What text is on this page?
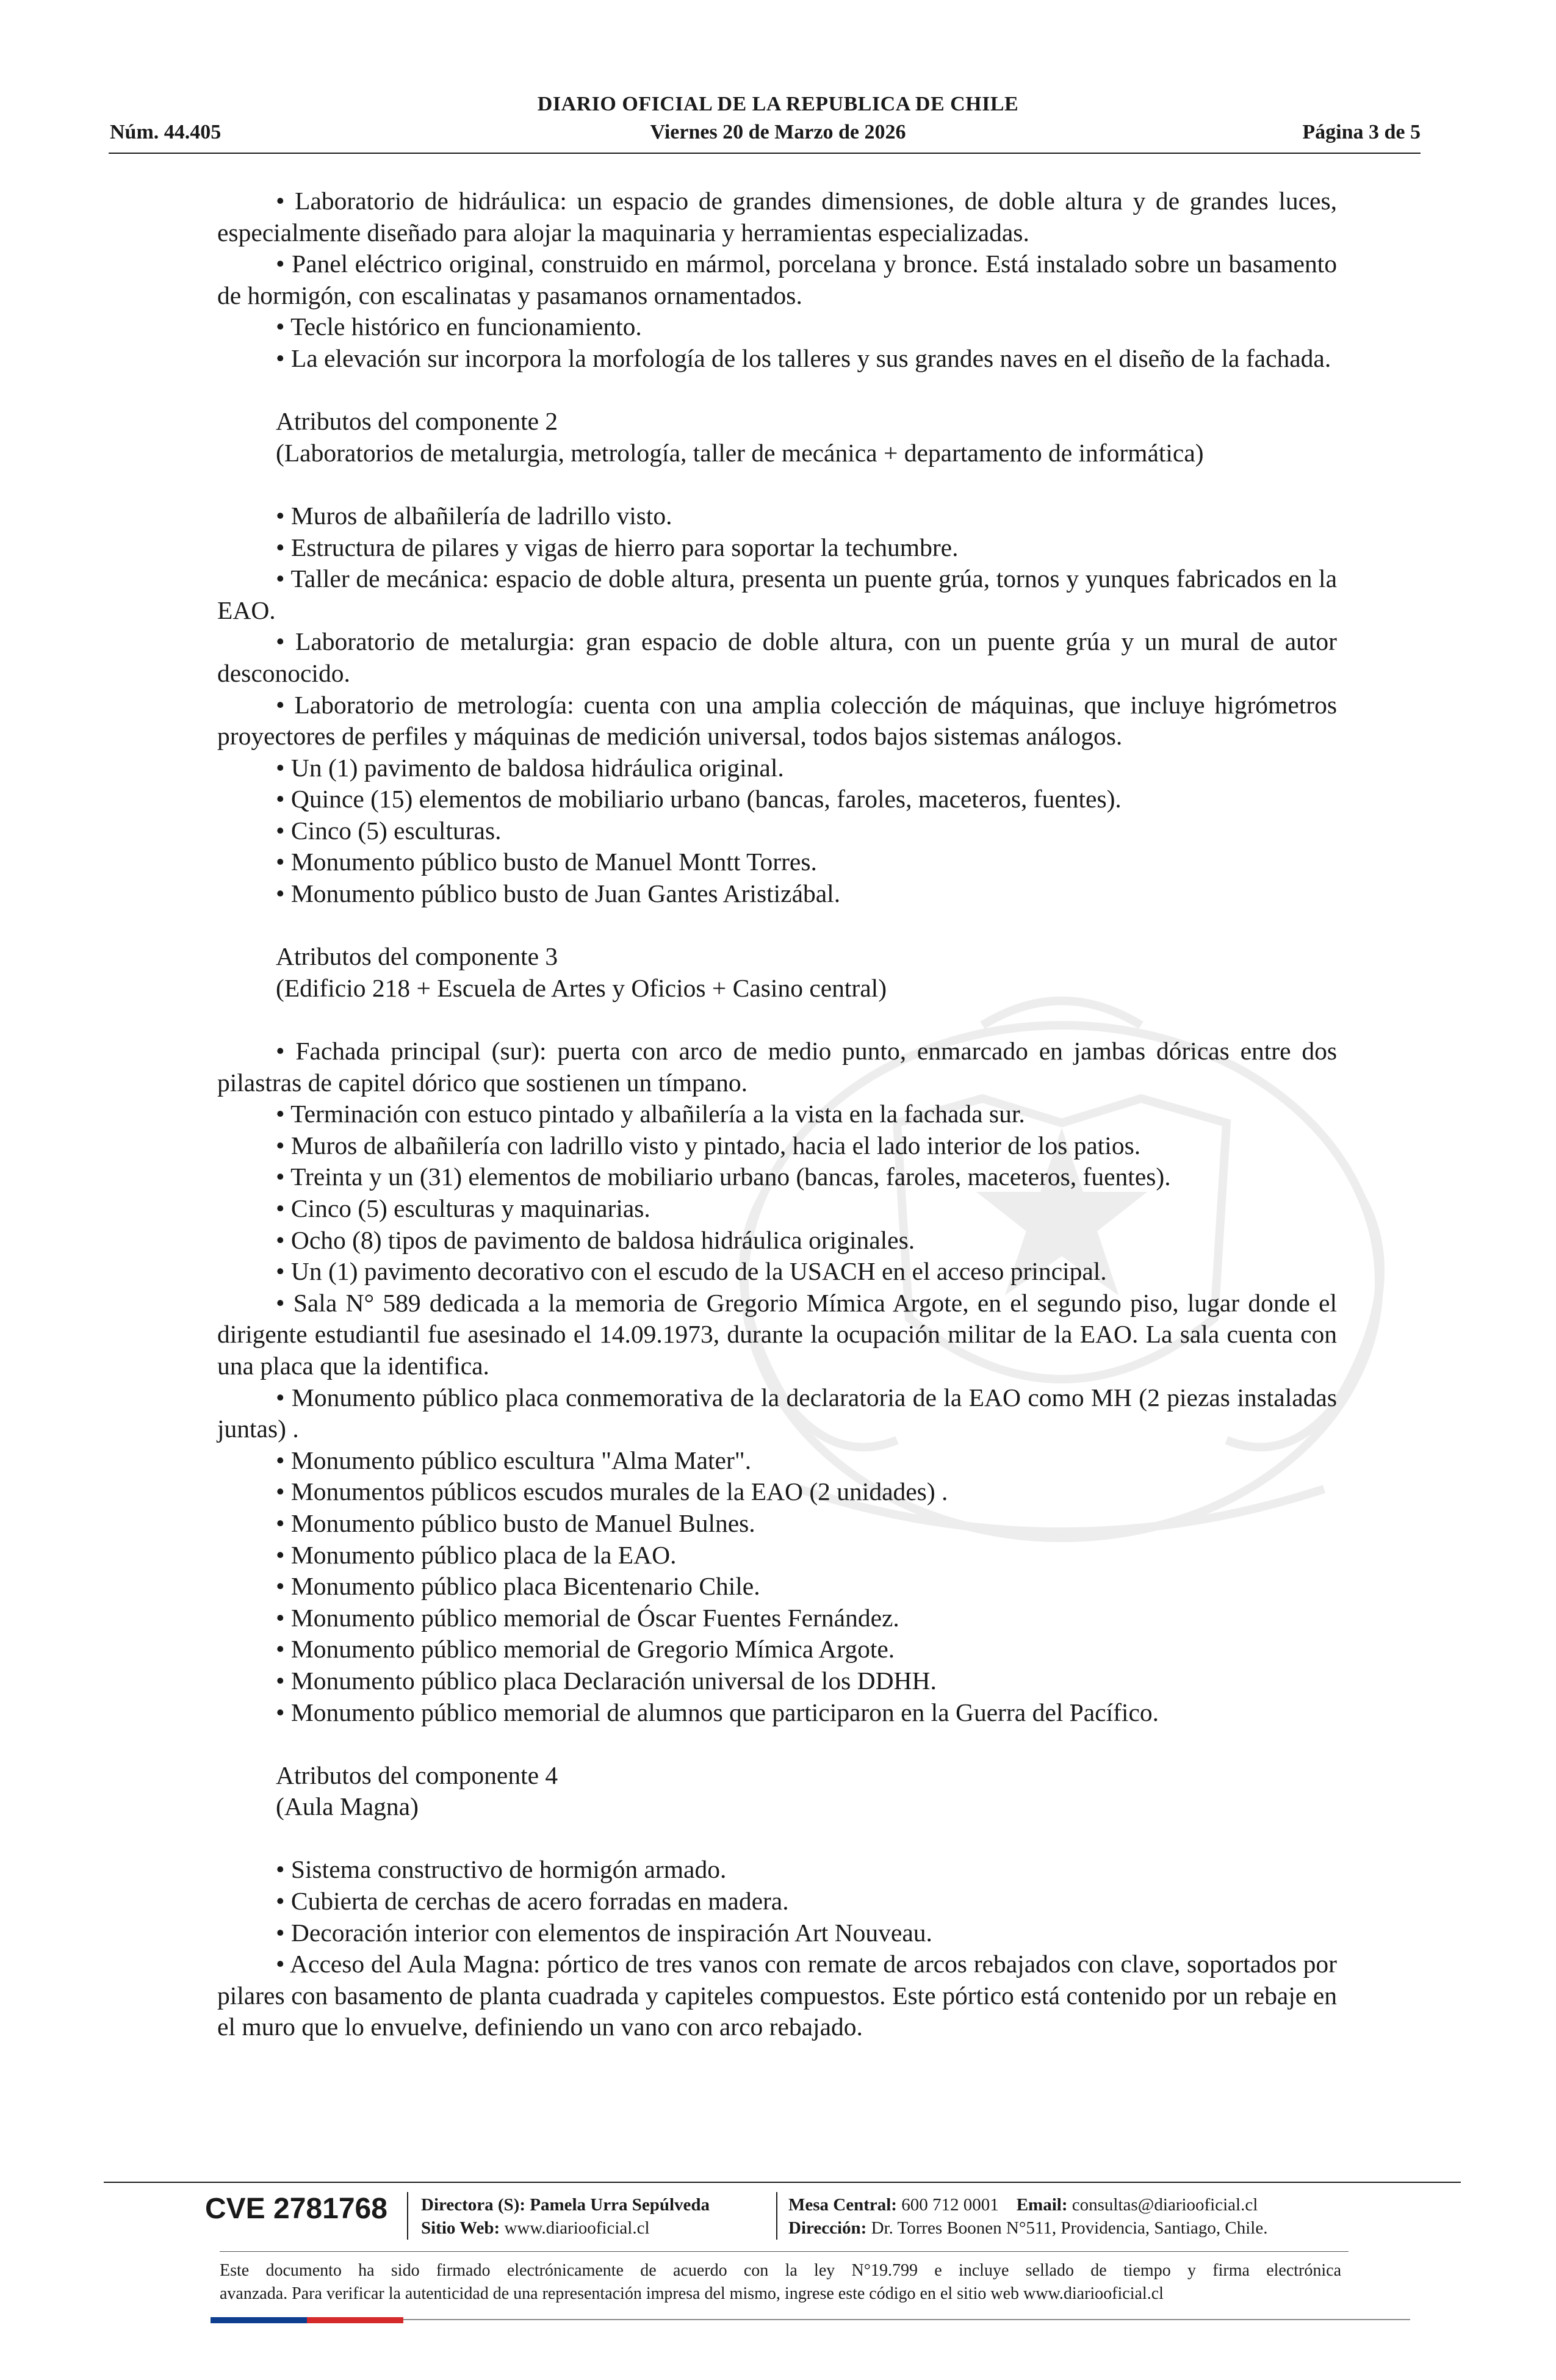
DIARIO OFICIAL DE LA REPUBLICA DE CHILE
Núm. 44.405	Viernes 20 de Marzo de 2026	Página 3 de 5

• Laboratorio de hidráulica: un espacio de grandes dimensiones, de doble altura y de grandes luces, especialmente diseñado para alojar la maquinaria y herramientas especializadas.

• Panel eléctrico original, construido en mármol, porcelana y bronce. Está instalado sobre un basamento de hormigón, con escalinatas y pasamanos ornamentados.

• Tecle histórico en funcionamiento.

• La elevación sur incorpora la morfología de los talleres y sus grandes naves en el diseño de la fachada.

Atributos del componente 2

(Laboratorios de metalurgia, metrología, taller de mecánica + departamento de informática)

• Muros de albañilería de ladrillo visto.

• Estructura de pilares y vigas de hierro para soportar la techumbre.

• Taller de mecánica: espacio de doble altura, presenta un puente grúa, tornos y yunques fabricados en la EAO.

• Laboratorio de metalurgia: gran espacio de doble altura, con un puente grúa y un mural de autor desconocido.

• Laboratorio de metrología: cuenta con una amplia colección de máquinas, que incluye higrómetros proyectores de perfiles y máquinas de medición universal, todos bajos sistemas análogos.

• Un (1) pavimento de baldosa hidráulica original.

• Quince (15) elementos de mobiliario urbano (bancas, faroles, maceteros, fuentes).

• Cinco (5) esculturas.

• Monumento público busto de Manuel Montt Torres.

• Monumento público busto de Juan Gantes Aristizábal.

Atributos del componente 3

(Edificio 218 + Escuela de Artes y Oficios + Casino central)

• Fachada principal (sur): puerta con arco de medio punto, enmarcado en jambas dóricas entre dos pilastras de capitel dórico que sostienen un tímpano.

• Terminación con estuco pintado y albañilería a la vista en la fachada sur.

• Muros de albañilería con ladrillo visto y pintado, hacia el lado interior de los patios.

• Treinta y un (31) elementos de mobiliario urbano (bancas, faroles, maceteros, fuentes).

• Cinco (5) esculturas y maquinarias.

• Ocho (8) tipos de pavimento de baldosa hidráulica originales.

• Un (1) pavimento decorativo con el escudo de la USACH en el acceso principal.

• Sala N° 589 dedicada a la memoria de Gregorio Mímica Argote, en el segundo piso, lugar donde el dirigente estudiantil fue asesinado el 14.09.1973, durante la ocupación militar de la EAO. La sala cuenta con una placa que la identifica.

• Monumento público placa conmemorativa de la declaratoria de la EAO como MH (2 piezas instaladas juntas) .

• Monumento público escultura "Alma Mater".

• Monumentos públicos escudos murales de la EAO (2 unidades) .

• Monumento público busto de Manuel Bulnes.

• Monumento público placa de la EAO.

• Monumento público placa Bicentenario Chile.

• Monumento público memorial de Óscar Fuentes Fernández.

• Monumento público memorial de Gregorio Mímica Argote.

• Monumento público placa Declaración universal de los DDHH.

• Monumento público memorial de alumnos que participaron en la Guerra del Pacífico.

Atributos del componente 4

(Aula Magna)

• Sistema constructivo de hormigón armado.

• Cubierta de cerchas de acero forradas en madera.

• Decoración interior con elementos de inspiración Art Nouveau.

• Acceso del Aula Magna: pórtico de tres vanos con remate de arcos rebajados con clave, soportados por pilares con basamento de planta cuadrada y capiteles compuestos. Este pórtico está contenido por un rebaje en el muro que lo envuelve, definiendo un vano con arco rebajado.

CVE 2781768 Directora (S): Pamela Urra Sepúlveda
Sitio Web: www.diariooficial.cl
Mesa Central: 600 712 0001 Email: consultas@diariooficial.cl
Dirección: Dr. Torres Boonen N°511, Providencia, Santiago, Chile.
Este documento ha sido firmado electrónicamente de acuerdo con la ley N°19.799 e incluye sellado de tiempo y firma electrónica
avanzada. Para verificar la autenticidad de una representación impresa del mismo, ingrese este código en el sitio web www.diariooficial.cl
